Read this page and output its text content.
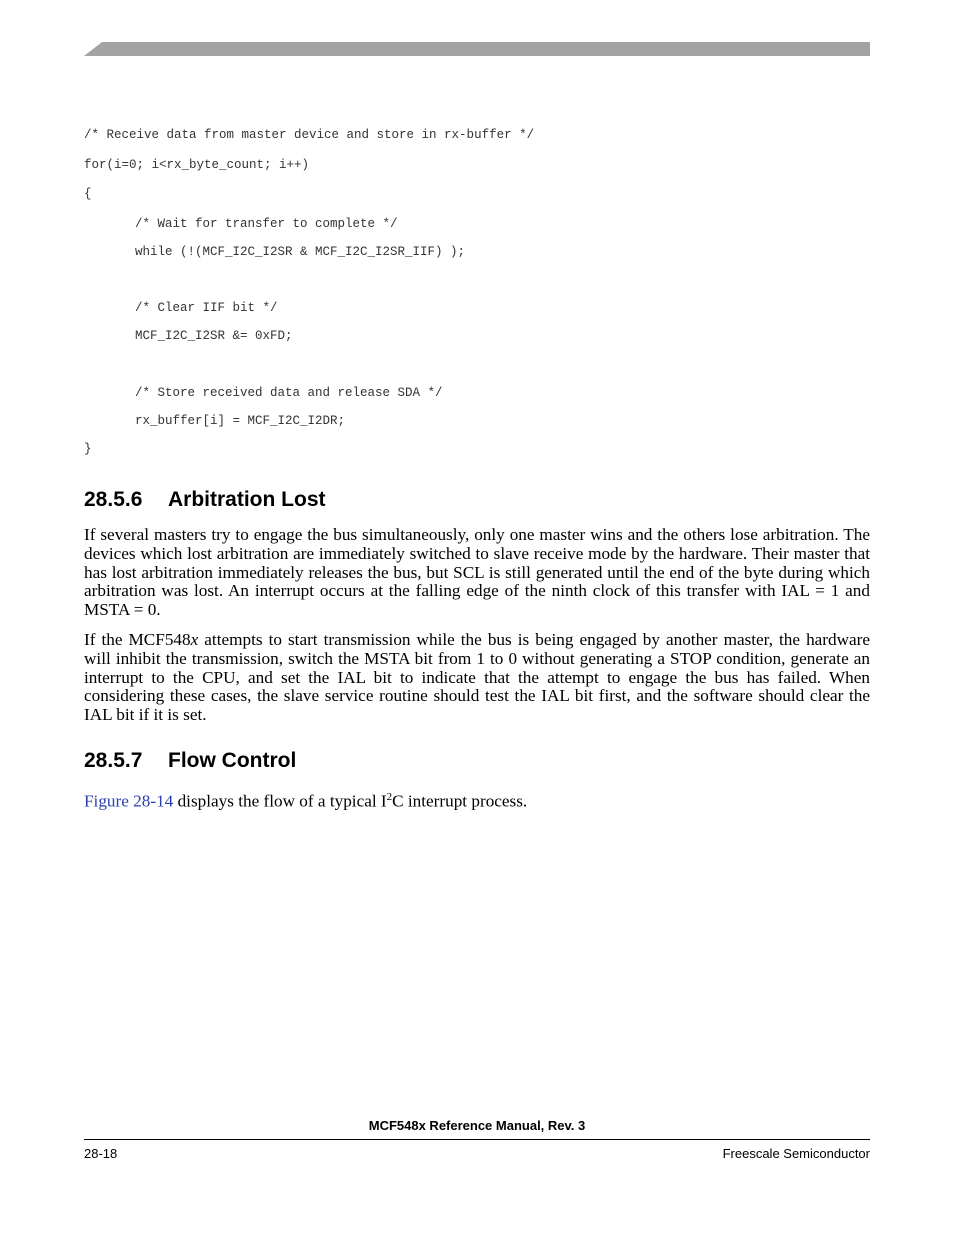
/* Receive data from master device and store in rx-buffer */

for(i=0; i<rx_byte_count; i++)

{

/* Wait for transfer to complete */

while (!(MCF_I2C_I2SR & MCF_I2C_I2SR_IIF) );

/* Clear IIF bit */

MCF_I2C_I2SR &= 0xFD;

/* Store received data and release SDA */

rx_buffer[i] = MCF_I2C_I2DR;

}

28.5.6 Arbitration Lost

If several masters try to engage the bus simultaneously, only one master wins and the others lose arbitration. The devices which lost arbitration are immediately switched to slave receive mode by the hardware. Their master that has lost arbitration immediately releases the bus, but SCL is still generated until the end of the byte during which arbitration was lost. An interrupt occurs at the falling edge of the ninth clock of this transfer with IAL = 1 and MSTA = 0.

If the MCF548x attempts to start transmission while the bus is being engaged by another master, the hardware will inhibit the transmission, switch the MSTA bit from 1 to 0 without generating a STOP condition, generate an interrupt to the CPU, and set the IAL bit to indicate that the attempt to engage the bus has failed. When considering these cases, the slave service routine should test the IAL bit first, and the software should clear the IAL bit if it is set.

28.5.7 Flow Control

Figure 28-14 displays the flow of a typical $I^2C$ interrupt process.

MCF548x Reference Manual, Rev. 3
28-18	Freescale Semiconductor
